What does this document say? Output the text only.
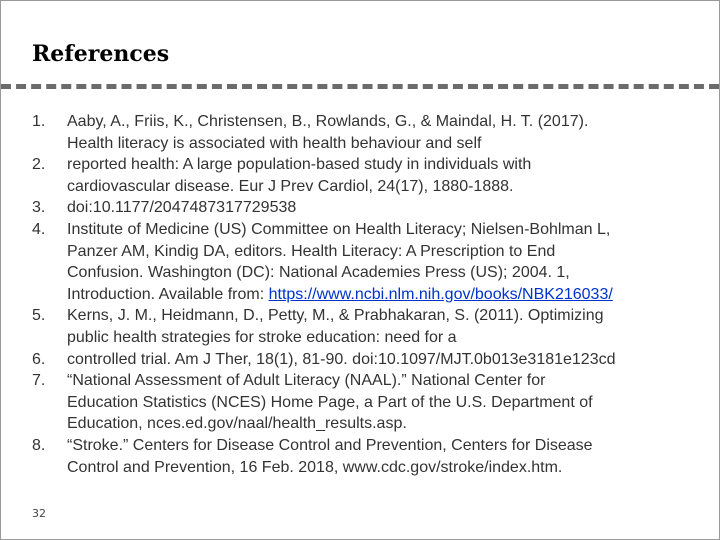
References
1.	Aaby, A., Friis, K., Christensen, B., Rowlands, G., & Maindal, H. T. (2017).
Health literacy is associated with health behaviour and self
2.	reported health: A large population-based study in individuals with
cardiovascular disease. Eur J Prev Cardiol, 24(17), 1880-1888.
3.	doi:10.1177/2047487317729538
4.	Institute of Medicine (US) Committee on Health Literacy; Nielsen-Bohlman L,
Panzer AM, Kindig DA, editors. Health Literacy: A Prescription to End
Confusion. Washington (DC): National Academies Press (US); 2004. 1,
Introduction. Available from: https://www.ncbi.nlm.nih.gov/books/NBK216033/
5.	Kerns, J. M., Heidmann, D., Petty, M., & Prabhakaran, S. (2011). Optimizing
public health strategies for stroke education: need for a
6.	controlled trial. Am J Ther, 18(1), 81-90. doi:10.1097/MJT.0b013e3181e123cd
7.	“National Assessment of Adult Literacy (NAAL).” National Center for
Education Statistics (NCES) Home Page, a Part of the U.S. Department of
Education, nces.ed.gov/naal/health_results.asp.
8.	“Stroke.” Centers for Disease Control and Prevention, Centers for Disease
Control and Prevention, 16 Feb. 2018, www.cdc.gov/stroke/index.htm.
32
